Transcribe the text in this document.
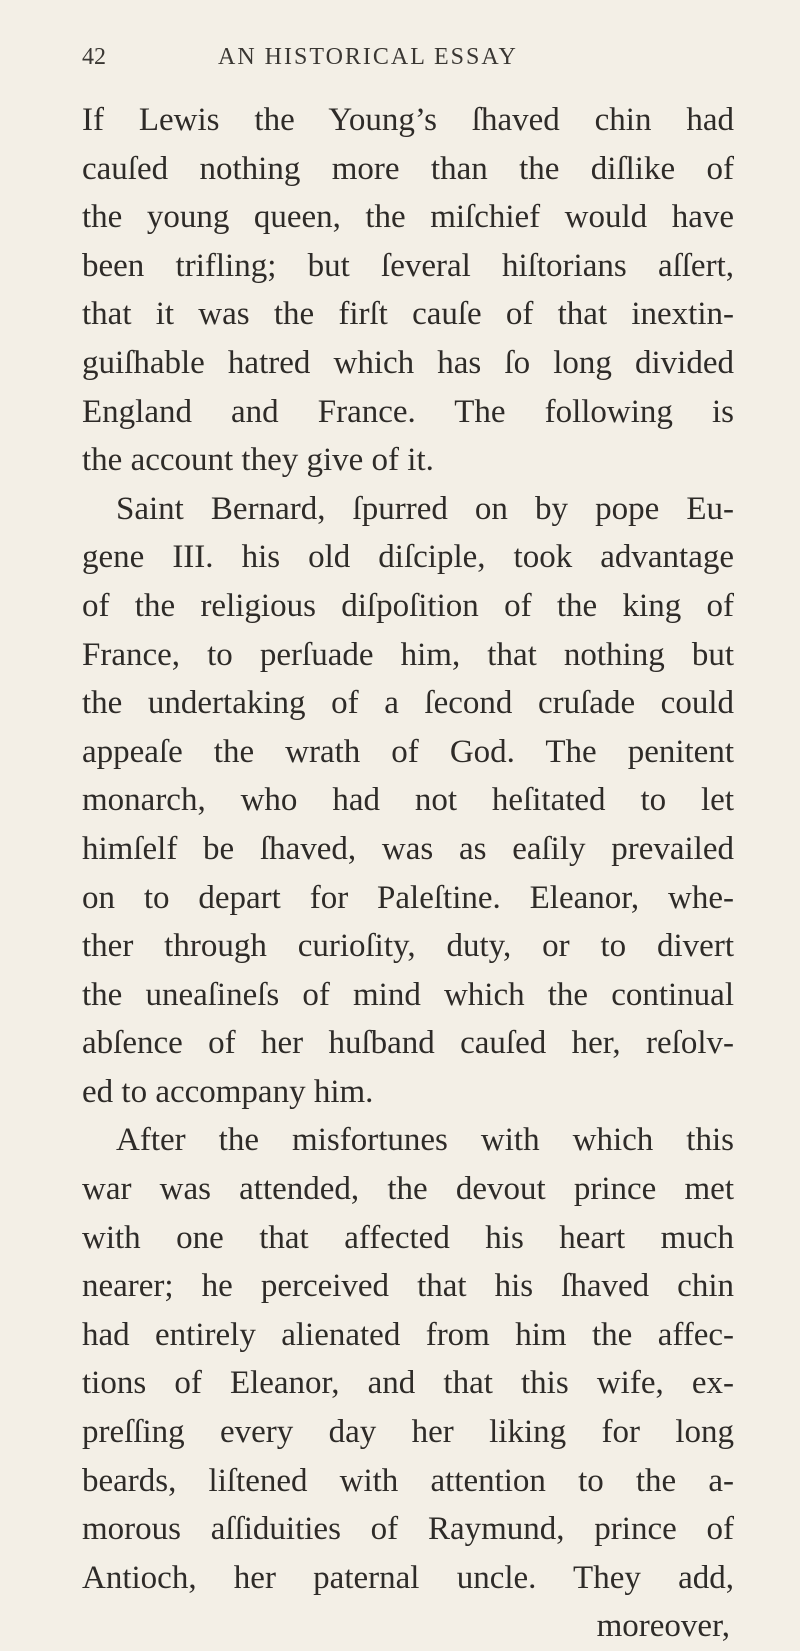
42	AN HISTORICAL ESSAY
If Lewis the Young’s ſhaved chin had
cauſed nothing more than the diſlike of
the young queen, the miſchief would have
been trifling; but ſeveral hiſtorians aſſert,
that it was the firſt cauſe of that inextin-
guiſhable hatred which has ſo long divided
England and France. The following is
the account they give of it.
Saint Bernard, ſpurred on by pope Eu-
gene III. his old diſciple, took advantage
of the religious diſpoſition of the king of
France, to perſuade him, that nothing but
the undertaking of a ſecond cruſade could
appeaſe the wrath of God. The penitent
monarch, who had not heſitated to let
himſelf be ſhaved, was as eaſily prevailed
on to depart for Paleſtine. Eleanor, whe-
ther through curioſity, duty, or to divert
the uneaſineſs of mind which the continual
abſence of her huſband cauſed her, reſolv-
ed to accompany him.
After the misfortunes with which this
war was attended, the devout prince met
with one that affected his heart much
nearer; he perceived that his ſhaved chin
had entirely alienated from him the affec-
tions of Eleanor, and that this wife, ex-
preſſing every day her liking for long
beards, liſtened with attention to the a-
morous aſſiduities of Raymund, prince of
Antioch, her paternal uncle. They add,
moreover,
